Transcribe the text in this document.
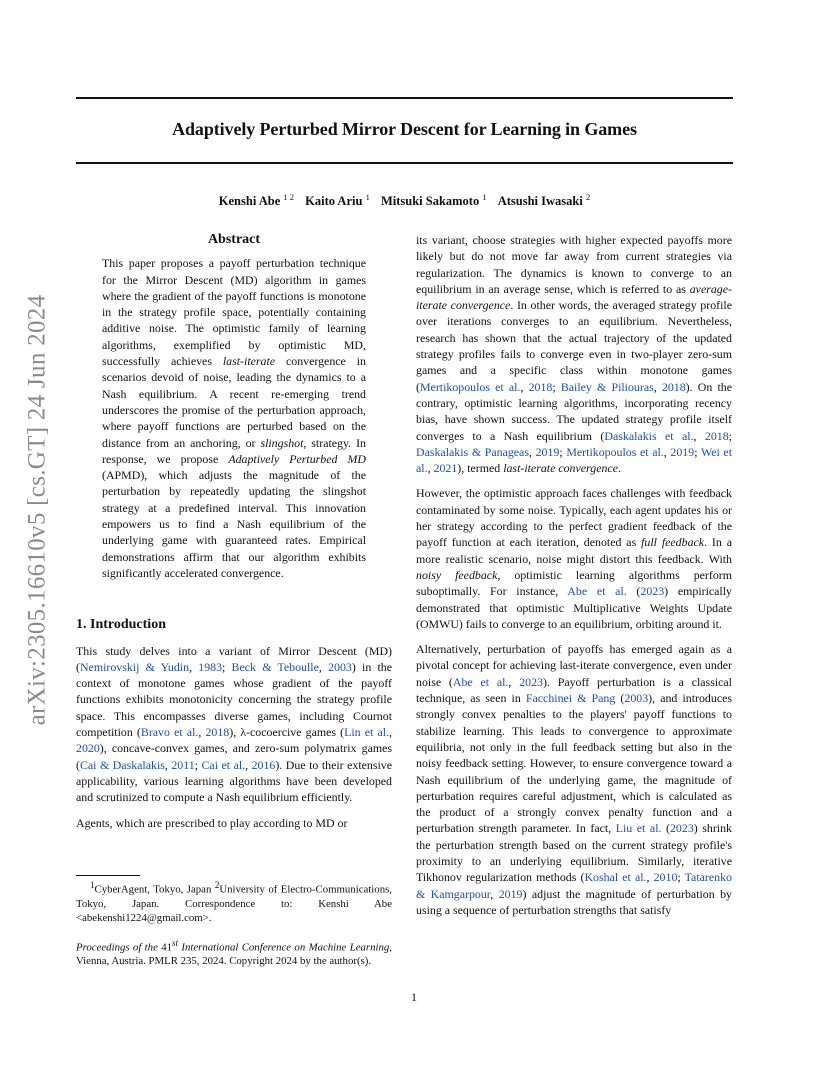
Adaptively Perturbed Mirror Descent for Learning in Games
Kenshi Abe $^{1 2}$ Kaito Ariu $^1$ Mitsuki Sakamoto $^1$ Atsushi Iwasaki $^2$
arXiv:2305.16610v5 [cs.GT] 24 Jun 2024
Abstract

This paper proposes a payoff perturbation technique for the Mirror Descent (MD) algorithm in games where the gradient of the payoff functions is monotone in the strategy profile space, potentially containing additive noise. The optimistic family of learning algorithms, exemplified by optimistic MD, successfully achieves last-iterate convergence in scenarios devoid of noise, leading the dynamics to a Nash equilibrium. A recent re-emerging trend underscores the promise of the perturbation approach, where payoff functions are perturbed based on the distance from an anchoring, or slingshot, strategy. In response, we propose Adaptively Perturbed MD (APMD), which adjusts the magnitude of the perturbation by repeatedly updating the slingshot strategy at a predefined interval. This innovation empowers us to find a Nash equilibrium of the underlying game with guaranteed rates. Empirical demonstrations affirm that our algorithm exhibits significantly accelerated convergence.

1. Introduction

This study delves into a variant of Mirror Descent (MD) (Nemirovskij & Yudin, 1983; Beck & Teboulle, 2003) in the context of monotone games whose gradient of the payoff functions exhibits monotonicity concerning the strategy profile space. This encompasses diverse games, including Cournot competition (Bravo et al., 2018), λ-cocoercive games (Lin et al., 2020), concave-convex games, and zero-sum polymatrix games (Cai & Daskalakis, 2011; Cai et al., 2016). Due to their extensive applicability, various learning algorithms have been developed and scrutinized to compute a Nash equilibrium efficiently.

Agents, which are prescribed to play according to MD or

its variant, choose strategies with higher expected payoffs more likely but do not move far away from current strategies via regularization. The dynamics is known to converge to an equilibrium in an average sense, which is referred to as average-iterate convergence. In other words, the averaged strategy profile over iterations converges to an equilibrium. Nevertheless, research has shown that the actual trajectory of the updated strategy profiles fails to converge even in two-player zero-sum games and a specific class within monotone games (Mertikopoulos et al., 2018; Bailey & Piliouras, 2018). On the contrary, optimistic learning algorithms, incorporating recency bias, have shown success. The updated strategy profile itself converges to a Nash equilibrium (Daskalakis et al., 2018; Daskalakis & Panageas, 2019; Mertikopoulos et al., 2019; Wei et al., 2021), termed last-iterate convergence.

However, the optimistic approach faces challenges with feedback contaminated by some noise. Typically, each agent updates his or her strategy according to the perfect gradient feedback of the payoff function at each iteration, denoted as full feedback. In a more realistic scenario, noise might distort this feedback. With noisy feedback, optimistic learning algorithms perform suboptimally. For instance, Abe et al. (2023) empirically demonstrated that optimistic Multiplicative Weights Update (OMWU) fails to converge to an equilibrium, orbiting around it.

Alternatively, perturbation of payoffs has emerged again as a pivotal concept for achieving last-iterate convergence, even under noise (Abe et al., 2023). Payoff perturbation is a classical technique, as seen in Facchinei & Pang (2003), and introduces strongly convex penalties to the players' payoff functions to stabilize learning. This leads to convergence to approximate equilibria, not only in the full feedback setting but also in the noisy feedback setting. However, to ensure convergence toward a Nash equilibrium of the underlying game, the magnitude of perturbation requires careful adjustment, which is calculated as the product of a strongly convex penalty function and a perturbation strength parameter. In fact, Liu et al. (2023) shrink the perturbation strength based on the current strategy profile's proximity to an underlying equilibrium. Similarly, iterative Tikhonov regularization methods (Koshal et al., 2010; Tatarenko & Kamgarpour, 2019) adjust the magnitude of perturbation by using a sequence of perturbation strengths that satisfy

$^1$CyberAgent, Tokyo, Japan $^2$University of Electro-Communications, Tokyo, Japan. Correspondence to: Kenshi Abe <abekenshi1224@gmail.com>.

Proceedings of the 41st International Conference on Machine Learning, Vienna, Austria. PMLR 235, 2024. Copyright 2024 by the author(s).

1
